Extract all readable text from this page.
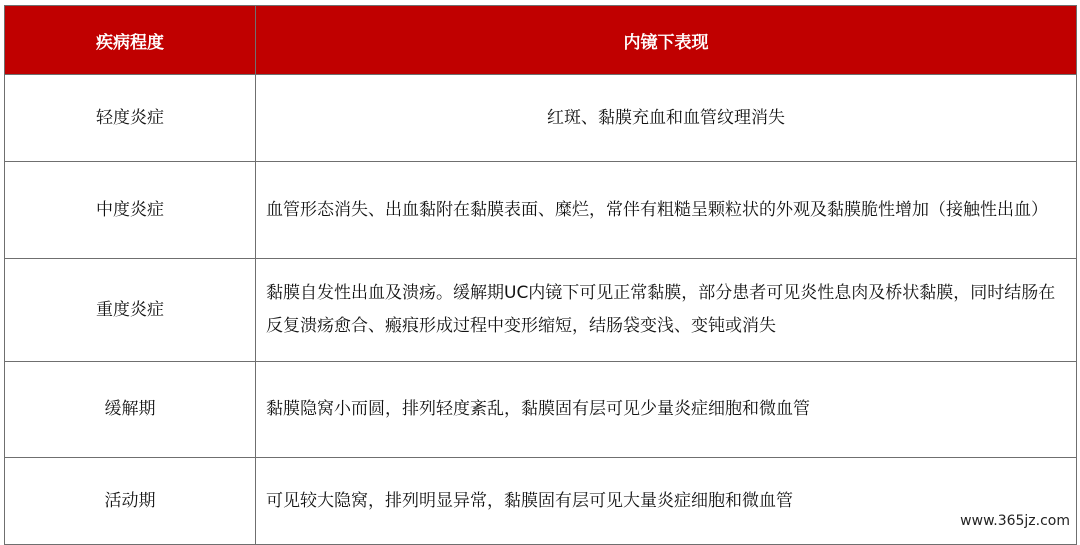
疾病程度	内镜下表现
轻度炎症	红斑、黏膜充血和血管纹理消失
中度炎症	血管形态消失、出血黏附在黏膜表面、糜烂，常伴有粗糙呈颗粒状的外观及黏膜脆性增加（接触性出血）
重度炎症	黏膜自发性出血及溃疡。缓解期UC内镜下可见正常黏膜，部分患者可见炎性息肉及桥状黏膜，同时结肠在反复溃疡愈合、瘢痕形成过程中变形缩短，结肠袋变浅、变钝或消失
缓解期	黏膜隐窝小而圆，排列轻度紊乱，黏膜固有层可见少量炎症细胞和微血管
活动期	可见较大隐窝，排列明显异常，黏膜固有层可见大量炎症细胞和微血管
www.365jz.com
